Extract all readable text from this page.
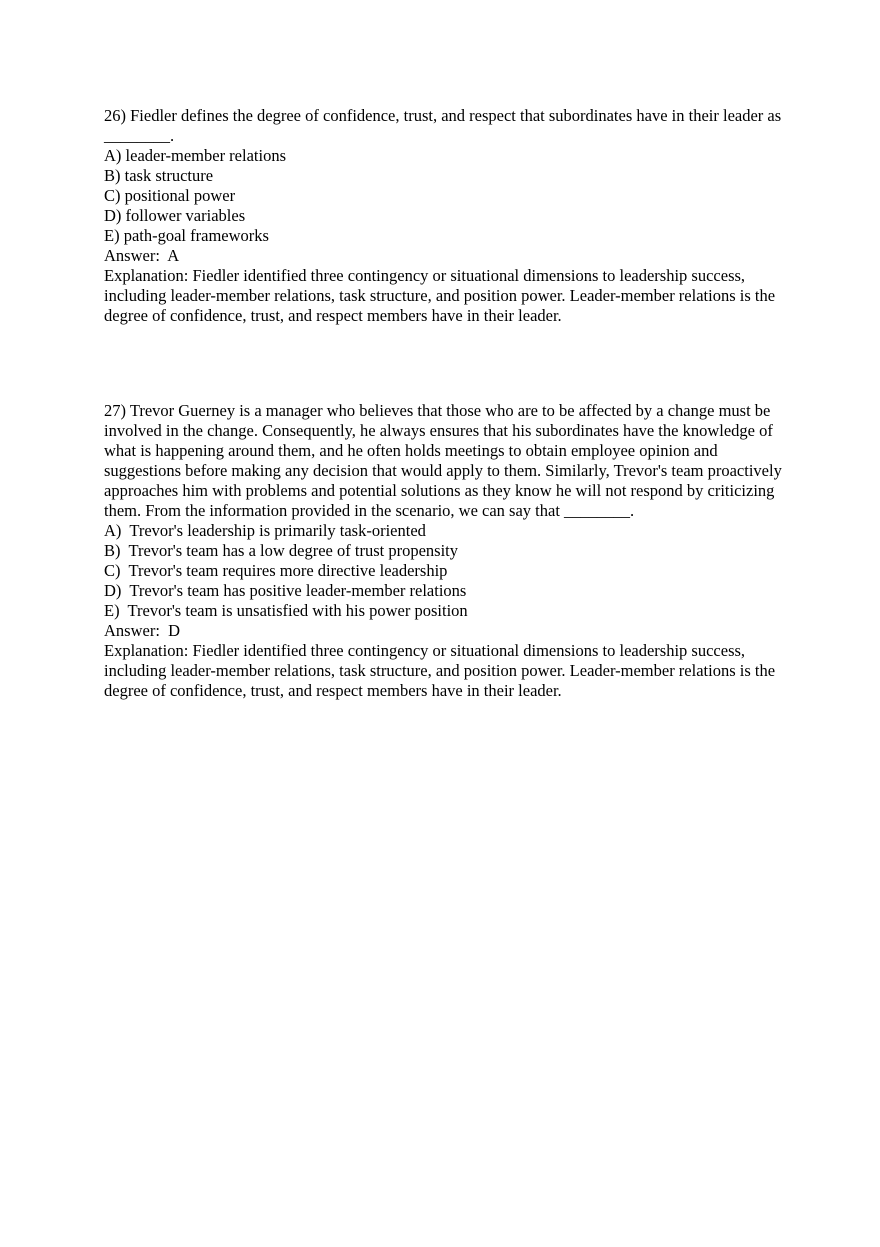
26) Fiedler defines the degree of confidence, trust, and respect that subordinates have in their leader as ________.

A) leader-member relations
B) task structure
C) positional power
D) follower variables
E) path-goal frameworks

Answer:  A

Explanation: Fiedler identified three contingency or situational dimensions to leadership success, including leader-member relations, task structure, and position power. Leader-member relations is the degree of confidence, trust, and respect members have in their leader.

27) Trevor Guerney is a manager who believes that those who are to be affected by a change must be involved in the change. Consequently, he always ensures that his subordinates have the knowledge of what is happening around them, and he often holds meetings to obtain employee opinion and suggestions before making any decision that would apply to them. Similarly, Trevor's team proactively approaches him with problems and potential solutions as they know he will not respond by criticizing them. From the information provided in the scenario, we can say that ________.

A)  Trevor's leadership is primarily task-oriented
B)  Trevor's team has a low degree of trust propensity
C)  Trevor's team requires more directive leadership
D)  Trevor's team has positive leader-member relations
E)  Trevor's team is unsatisfied with his power position

Answer:  D

Explanation: Fiedler identified three contingency or situational dimensions to leadership success, including leader-member relations, task structure, and position power. Leader-member relations is the degree of confidence, trust, and respect members have in their leader.
